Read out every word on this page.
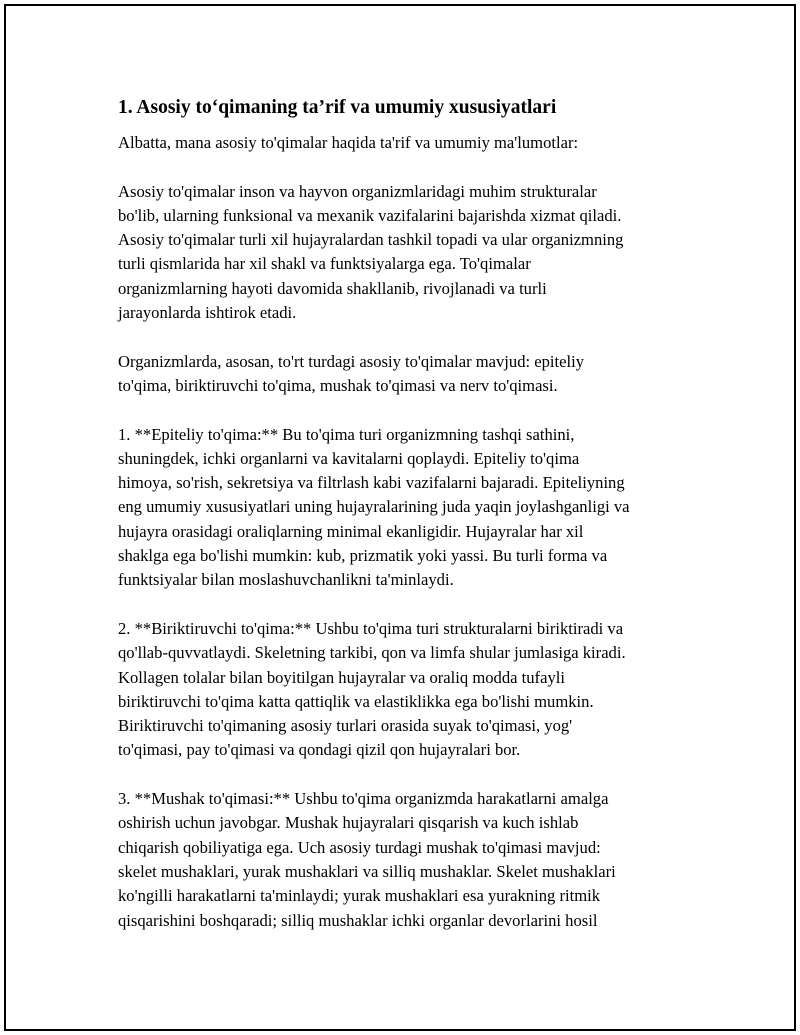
1. Asosiy to‘qimaning ta’rif va umumiy xususiyatlari
Albatta, mana asosiy to'qimalar haqida ta'rif va umumiy ma'lumotlar:
Asosiy to'qimalar inson va hayvon organizmlaridagi muhim strukturalar
bo'lib, ularning funksional va mexanik vazifalarini bajarishda xizmat qiladi.
Asosiy to'qimalar turli xil hujayralardan tashkil topadi va ular organizmning
turli qismlarida har xil shakl va funktsiyalarga ega. To'qimalar
organizmlarning hayoti davomida shakllanib, rivojlanadi va turli
jarayonlarda ishtirok etadi.
Organizmlarda, asosan, to'rt turdagi asosiy to'qimalar mavjud: epiteliy
to'qima, biriktiruvchi to'qima, mushak to'qimasi va nerv to'qimasi.
1. **Epiteliy to'qima:** Bu to'qima turi organizmning tashqi sathini,
shuningdek, ichki organlarni va kavitalarni qoplaydi. Epiteliy to'qima
himoya, so'rish, sekretsiya va filtrlash kabi vazifalarni bajaradi. Epiteliyning
eng umumiy xususiyatlari uning hujayralarining juda yaqin joylashganligi va
hujayra orasidagi oraliqlarning minimal ekanligidir. Hujayralar har xil
shaklga ega bo'lishi mumkin: kub, prizmatik yoki yassi. Bu turli forma va
funktsiyalar bilan moslashuvchanlikni ta'minlaydi.
2. **Biriktiruvchi to'qima:** Ushbu to'qima turi strukturalarni biriktiradi va
qo'llab-quvvatlaydi. Skeletning tarkibi, qon va limfa shular jumlasiga kiradi.
Kollagen tolalar bilan boyitilgan hujayralar va oraliq modda tufayli
biriktiruvchi to'qima katta qattiqlik va elastiklikka ega bo'lishi mumkin.
Biriktiruvchi to'qimaning asosiy turlari orasida suyak to'qimasi, yog'
to'qimasi, pay to'qimasi va qondagi qizil qon hujayralari bor.
3. **Mushak to'qimasi:** Ushbu to'qima organizmda harakatlarni amalga
oshirish uchun javobgar. Mushak hujayralari qisqarish va kuch ishlab
chiqarish qobiliyatiga ega. Uch asosiy turdagi mushak to'qimasi mavjud:
skelet mushaklari, yurak mushaklari va silliq mushaklar. Skelet mushaklari
ko'ngilli harakatlarni ta'minlaydi; yurak mushaklari esa yurakning ritmik
qisqarishini boshqaradi; silliq mushaklar ichki organlar devorlarini hosil
